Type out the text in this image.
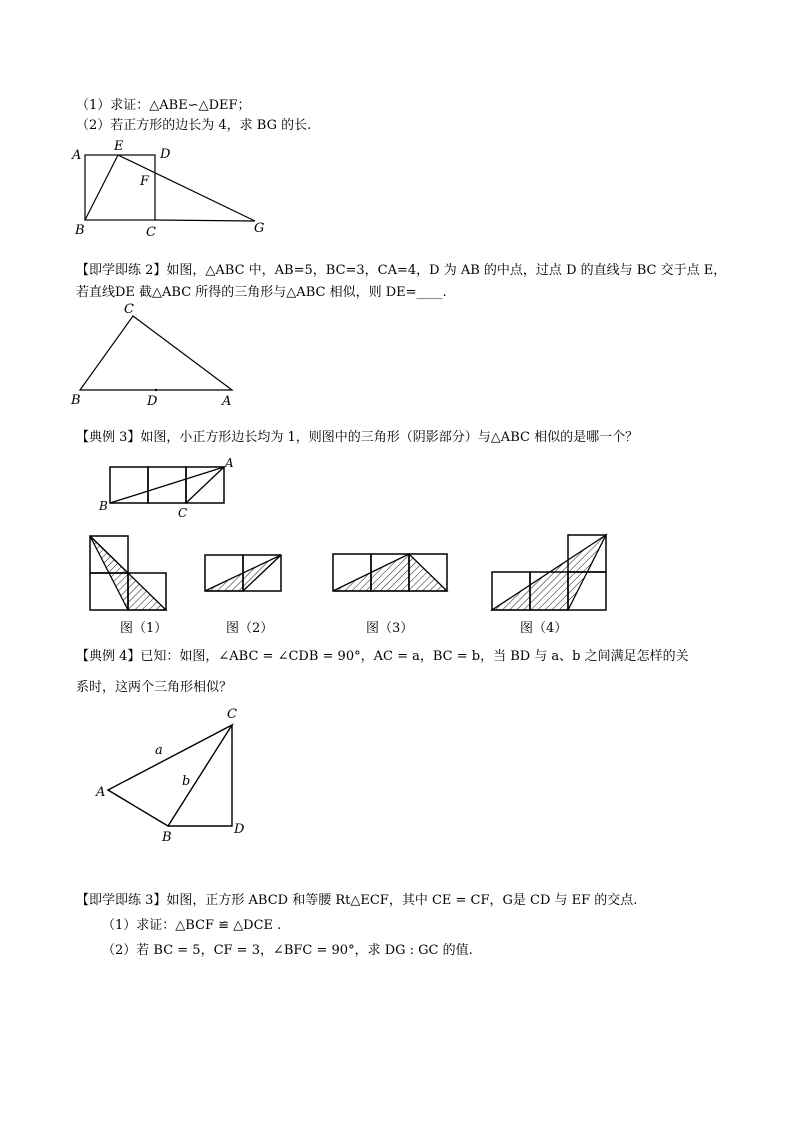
（1）求证：△ABE∽△DEF；
（2）若正方形的边长为 4，求 BG 的长.
A
E
D
F
B	C	G
【即学即练 2】如图，△ABC 中，AB=5，BC=3，CA=4，D 为 AB 的中点，过点 D 的直线与 BC 交于点 E，
若直线DE 截△ABC 所得的三角形与△ABC 相似，则 DE=____.
C
B	D	A
【典例 3】如图，小正方形边长均为 1，则图中的三角形（阴影部分）与△ABC 相似的是哪一个？
A
B	C
图（1）	图（2）	图（3）	图（4）
【典例 4】已知：如图，∠ABC = ∠CDB = 90°，AC = a，BC = b，当 BD 与 a、b 之间满足怎样的关
系时，这两个三角形相似？
C
a
b
A
B
D
【即学即练 3】如图，正方形 ABCD 和等腰 Rt△ECF，其中 CE = CF，G是 CD 与 EF 的交点.
（1）求证：△BCF ≌ △DCE .
（2）若 BC = 5，CF = 3，∠BFC = 90°，求 DG : GC 的值.
